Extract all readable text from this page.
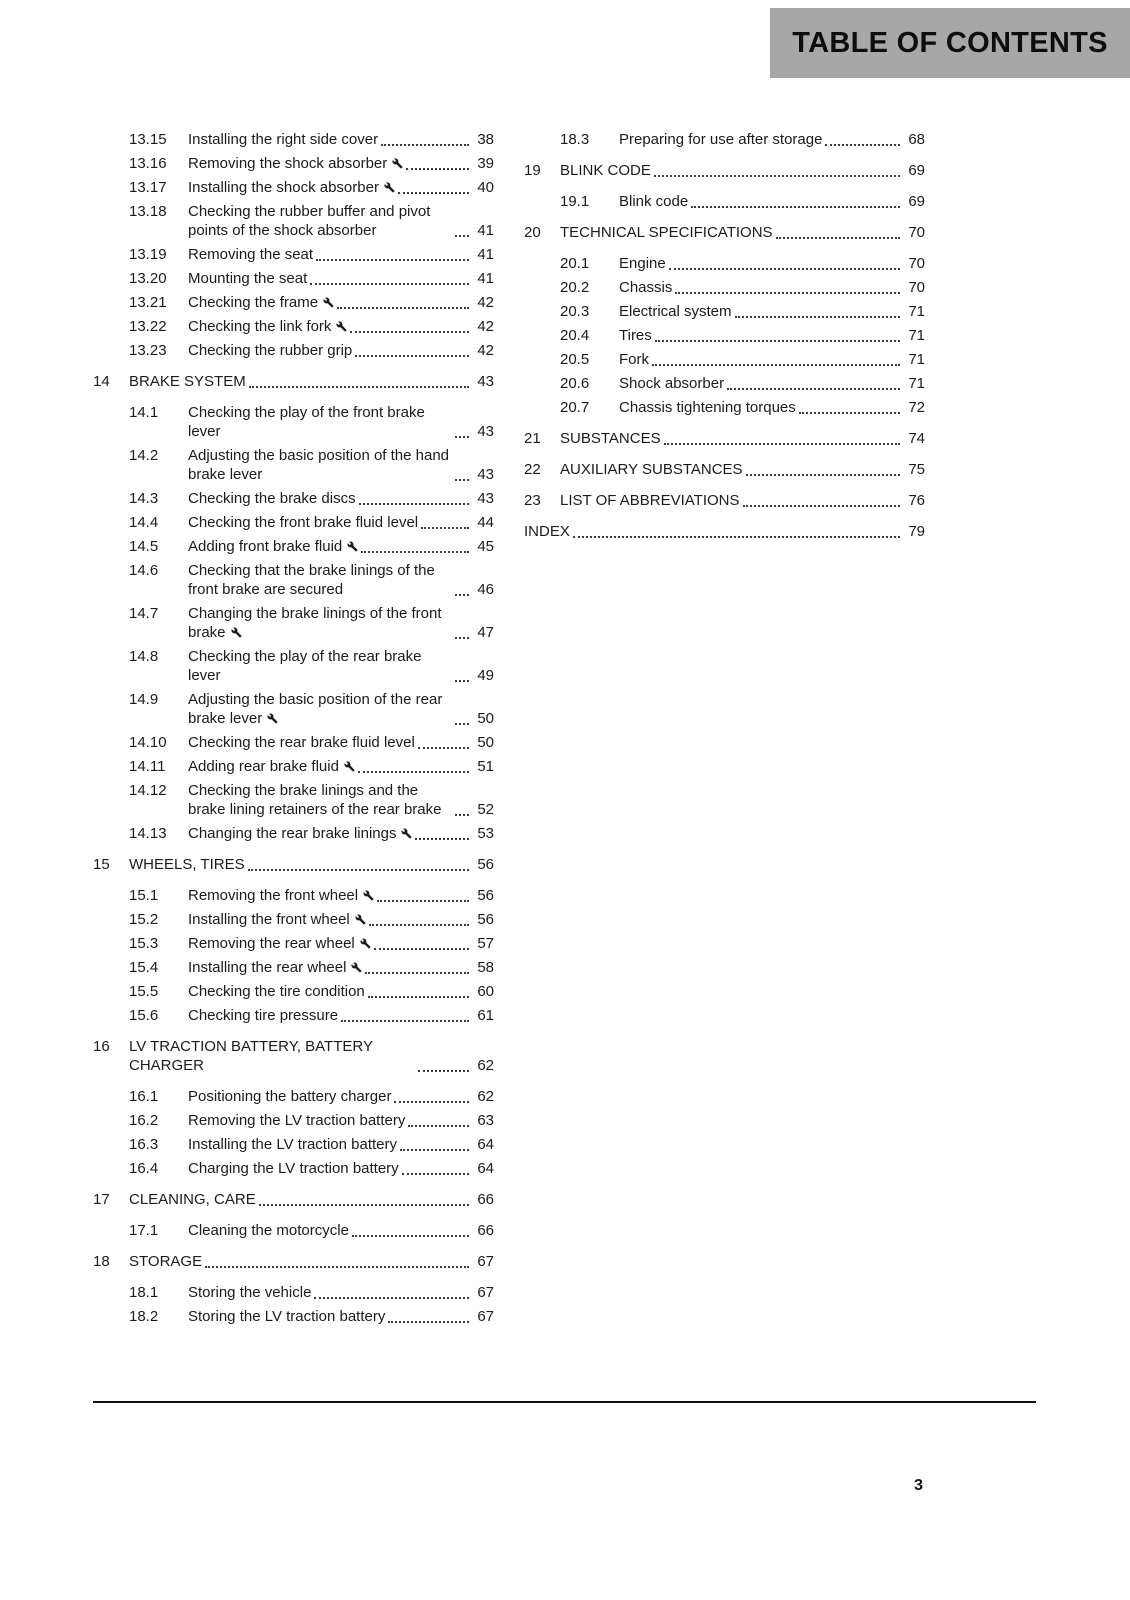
TABLE OF CONTENTS
13.15	Installing the right side cover	38
13.16	Removing the shock absorber	39
13.17	Installing the shock absorber	40
13.18	Checking the rubber buffer and pivot points of the shock absorber	41
13.19	Removing the seat	41
13.20	Mounting the seat	41
13.21	Checking the frame	42
13.22	Checking the link fork	42
13.23	Checking the rubber grip	42
14	BRAKE SYSTEM	43
14.1	Checking the play of the front brake lever	43
14.2	Adjusting the basic position of the hand brake lever	43
14.3	Checking the brake discs	43
14.4	Checking the front brake fluid level	44
14.5	Adding front brake fluid	45
14.6	Checking that the brake linings of the front brake are secured	46
14.7	Changing the brake linings of the front brake	47
14.8	Checking the play of the rear brake lever	49
14.9	Adjusting the basic position of the rear brake lever	50
14.10	Checking the rear brake fluid level	50
14.11	Adding rear brake fluid	51
14.12	Checking the brake linings and the brake lining retainers of the rear brake	52
14.13	Changing the rear brake linings	53
15	WHEELS, TIRES	56
15.1	Removing the front wheel	56
15.2	Installing the front wheel	56
15.3	Removing the rear wheel	57
15.4	Installing the rear wheel	58
15.5	Checking the tire condition	60
15.6	Checking tire pressure	61
16	LV TRACTION BATTERY, BATTERY CHARGER	62
16.1	Positioning the battery charger	62
16.2	Removing the LV traction battery	63
16.3	Installing the LV traction battery	64
16.4	Charging the LV traction battery	64
17	CLEANING, CARE	66
17.1	Cleaning the motorcycle	66
18	STORAGE	67
18.1	Storing the vehicle	67
18.2	Storing the LV traction battery	67
18.3	Preparing for use after storage	68
19	BLINK CODE	69
19.1	Blink code	69
20	TECHNICAL SPECIFICATIONS	70
20.1	Engine	70
20.2	Chassis	70
20.3	Electrical system	71
20.4	Tires	71
20.5	Fork	71
20.6	Shock absorber	71
20.7	Chassis tightening torques	72
21	SUBSTANCES	74
22	AUXILIARY SUBSTANCES	75
23	LIST OF ABBREVIATIONS	76
INDEX	79
3
